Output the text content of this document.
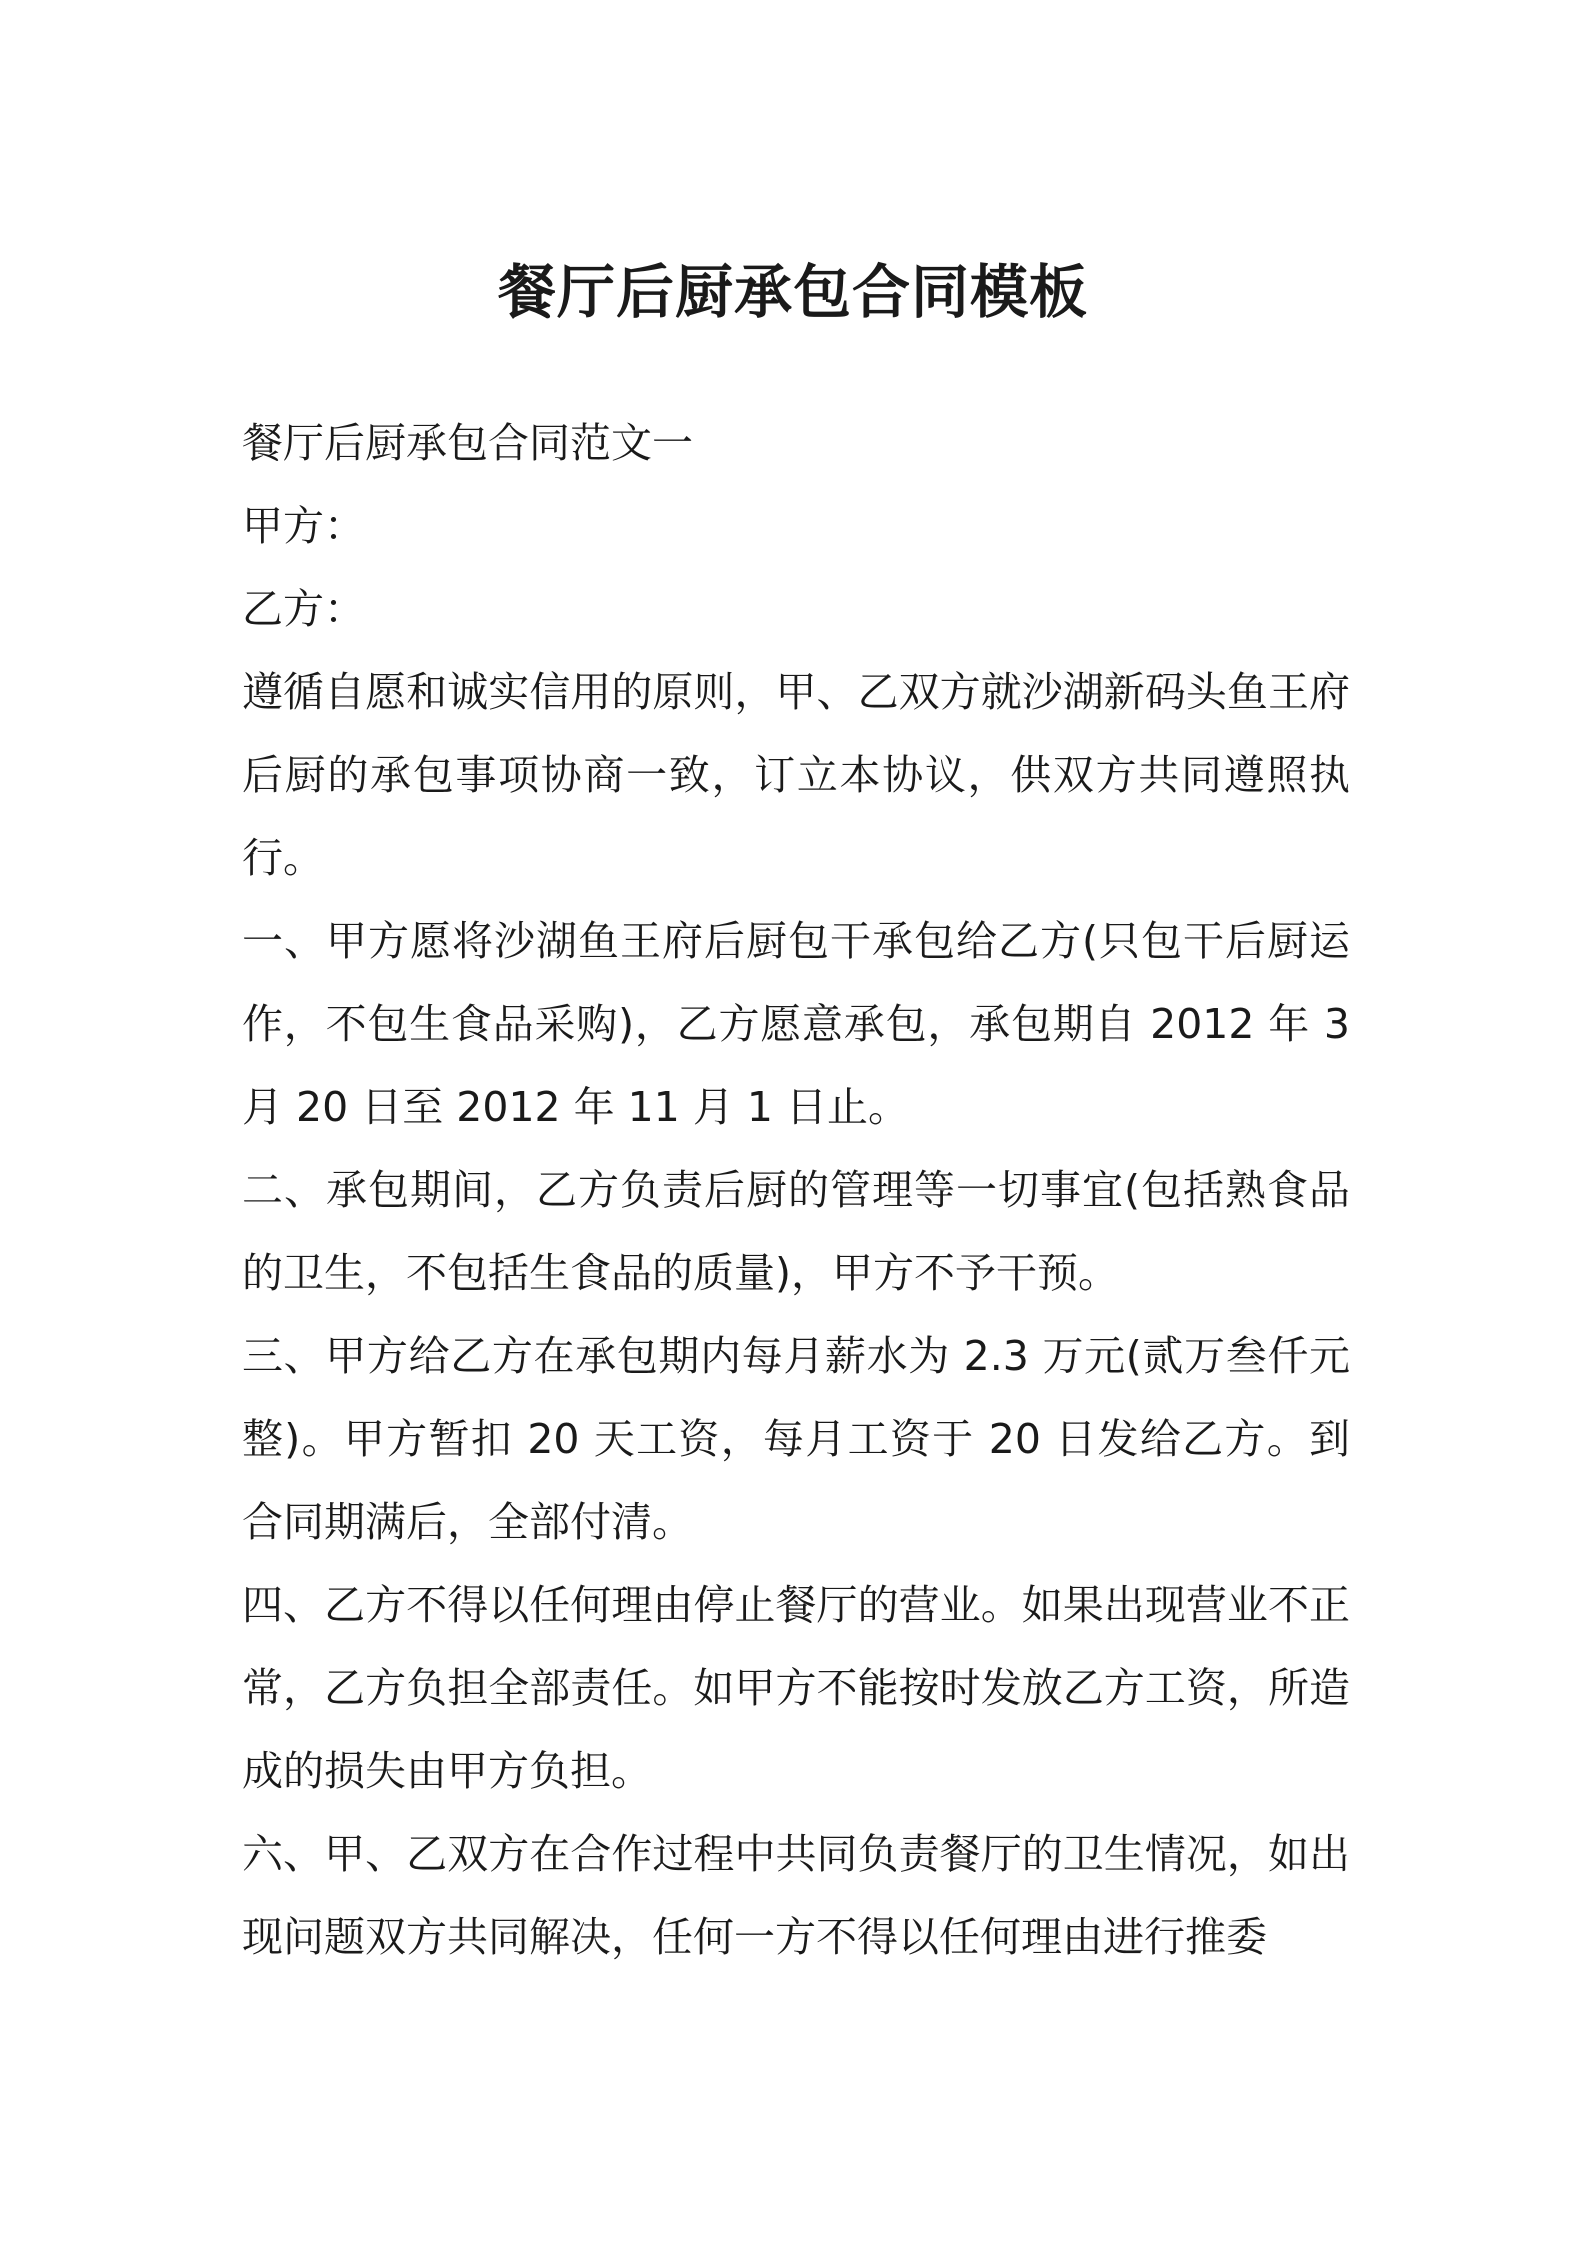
餐厅后厨承包合同模板

餐厅后厨承包合同范文一

甲方：

乙方：

遵循自愿和诚实信用的原则，甲、乙双方就沙湖新码头鱼王府后厨的承包事项协商一致，订立本协议，供双方共同遵照执行。

一、甲方愿将沙湖鱼王府后厨包干承包给乙方(只包干后厨运作，不包生食品采购)，乙方愿意承包，承包期自 2012 年 3 月 20 日至 2012 年 11 月 1 日止。

二、承包期间，乙方负责后厨的管理等一切事宜(包括熟食品的卫生，不包括生食品的质量)，甲方不予干预。

三、甲方给乙方在承包期内每月薪水为 2.3 万元(贰万叁仟元整)。甲方暂扣 20 天工资，每月工资于 20 日发给乙方。到合同期满后，全部付清。

四、乙方不得以任何理由停止餐厅的营业。如果出现营业不正常，乙方负担全部责任。如甲方不能按时发放乙方工资，所造成的损失由甲方负担。

六、甲、乙双方在合作过程中共同负责餐厅的卫生情况，如出现问题双方共同解决，任何一方不得以任何理由进行推委
